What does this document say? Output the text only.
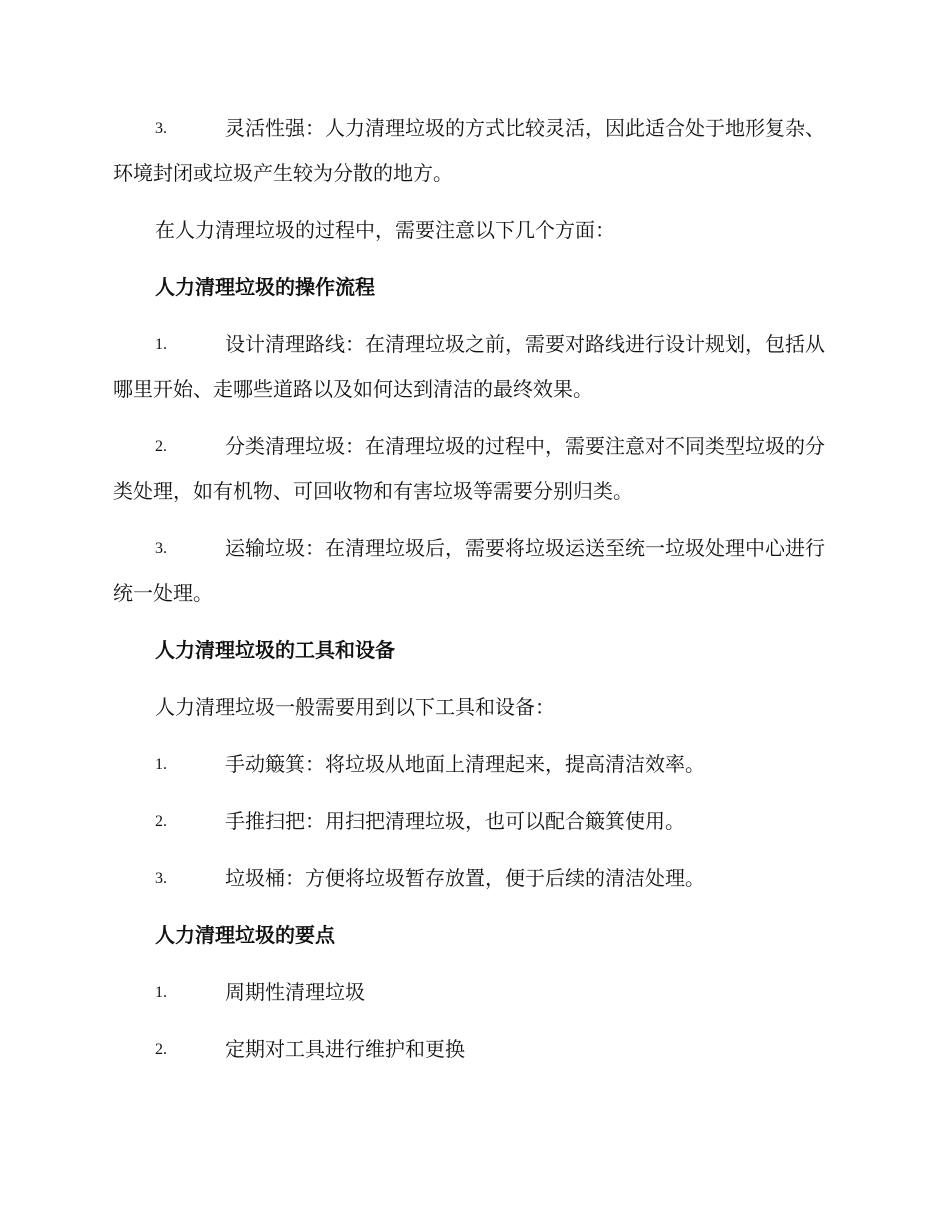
3.	灵活性强：人力清理垃圾的方式比较灵活，因此适合处于地形复杂、环境封闭或垃圾产生较为分散的地方。

在人力清理垃圾的过程中，需要注意以下几个方面：

人力清理垃圾的操作流程

1.	设计清理路线：在清理垃圾之前，需要对路线进行设计规划，包括从哪里开始、走哪些道路以及如何达到清洁的最终效果。

2.	分类清理垃圾：在清理垃圾的过程中，需要注意对不同类型垃圾的分类处理，如有机物、可回收物和有害垃圾等需要分别归类。

3.	运输垃圾：在清理垃圾后，需要将垃圾运送至统一垃圾处理中心进行统一处理。

人力清理垃圾的工具和设备

人力清理垃圾一般需要用到以下工具和设备：

1.	手动簸箕：将垃圾从地面上清理起来，提高清洁效率。

2.	手推扫把：用扫把清理垃圾，也可以配合簸箕使用。

3.	垃圾桶：方便将垃圾暂存放置，便于后续的清洁处理。

人力清理垃圾的要点

1.	周期性清理垃圾

2.	定期对工具进行维护和更换
